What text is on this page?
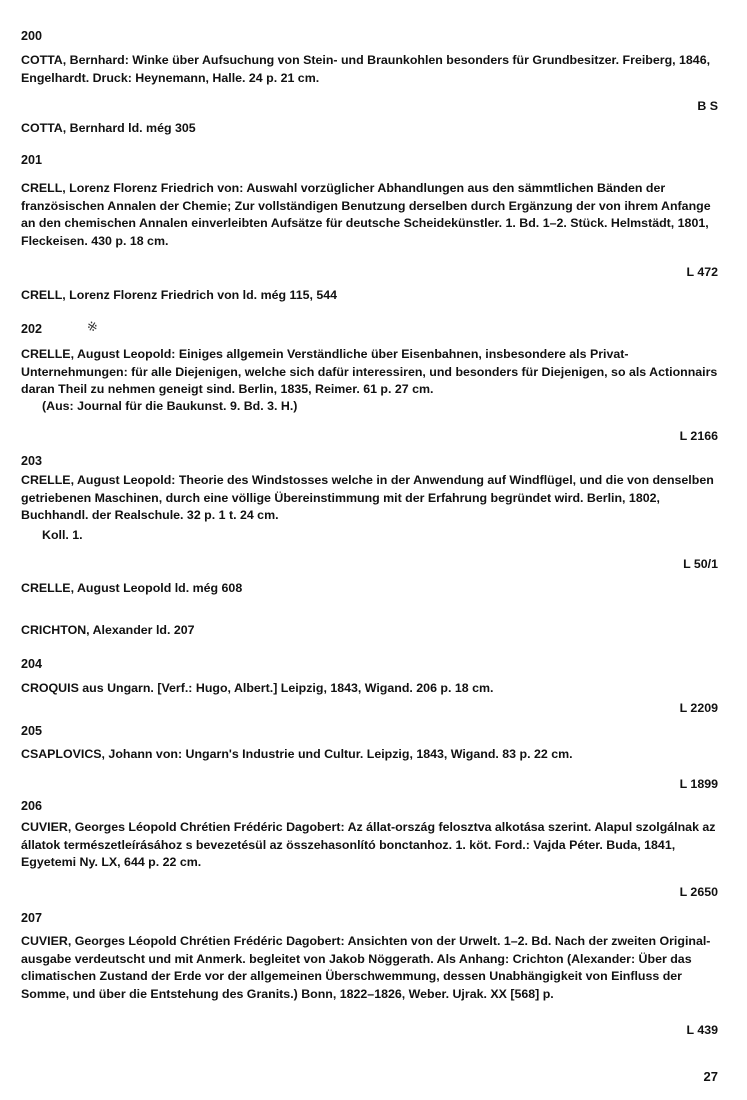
200

COTTA, Bernhard: Winke über Aufsuchung von Stein- und Braunkohlen besonders für Grundbesitzer. Freiberg, 1846, Engelhardt. Druck: Heynemann, Halle. 24 p. 21 cm.

B S

COTTA, Bernhard ld. még 305

201

CRELL, Lorenz Florenz Friedrich von: Auswahl vorzüglicher Abhandlungen aus den sämmtlichen Bänden der französischen Annalen der Chemie; Zur vollständigen Benutzung derselben durch Ergänzung der von ihrem Anfange an den chemischen Annalen einverleibten Aufsätze für deutsche Scheidekünstler. 1. Bd. 1–2. Stück. Helmstädt, 1801, Fleckeisen. 430 p. 18 cm.

L 472

CRELL, Lorenz Florenz Friedrich von ld. még 115, 544

202	※

CRELLE, August Leopold: Einiges allgemein Verständliche über Eisenbahnen, insbesondere als Privat-Unternehmungen: für alle Diejenigen, welche sich dafür interessiren, und besonders für Diejenigen, so als Actionnairs daran Theil zu nehmen geneigt sind. Berlin, 1835, Reimer. 61 p. 27 cm.

(Aus: Journal für die Baukunst. 9. Bd. 3. H.)

L 2166

203

CRELLE, August Leopold: Theorie des Windstosses welche in der Anwendung auf Windflügel, und die von denselben getriebenen Maschinen, durch eine völlige Übereinstimmung mit der Erfahrung begründet wird. Berlin, 1802, Buchhandl. der Realschule. 32 p. 1 t. 24 cm.

Koll. 1.

L 50/1

CRELLE, August Leopold ld. még 608

CRICHTON, Alexander ld. 207

204

CROQUIS aus Ungarn. [Verf.: Hugo, Albert.] Leipzig, 1843, Wigand. 206 p. 18 cm.

L 2209

205

CSAPLOVICS, Johann von: Ungarn's Industrie und Cultur. Leipzig, 1843, Wigand. 83 p. 22 cm.

L 1899

206

CUVIER, Georges Léopold Chrétien Frédéric Dagobert: Az állat-ország felosztva alkotása szerint. Alapul szolgálnak az állatok természetleírásához s bevezetésül az összehasonlító bonctanhoz. 1. köt. Ford.: Vajda Péter. Buda, 1841, Egyetemi Ny. LX, 644 p. 22 cm.

L 2650

207

CUVIER, Georges Léopold Chrétien Frédéric Dagobert: Ansichten von der Urwelt. 1–2. Bd. Nach der zweiten Original-ausgabe verdeutscht und mit Anmerk. begleitet von Jakob Nöggerath. Als Anhang: Crichton (Alexander: Über das climatischen Zustand der Erde vor der allgemeinen Überschwemmung, dessen Unabhängigkeit von Einfluss der Somme, und über die Entstehung des Granits.) Bonn, 1822–1826, Weber. Ujrak. XX [568] p.

L 439

27
